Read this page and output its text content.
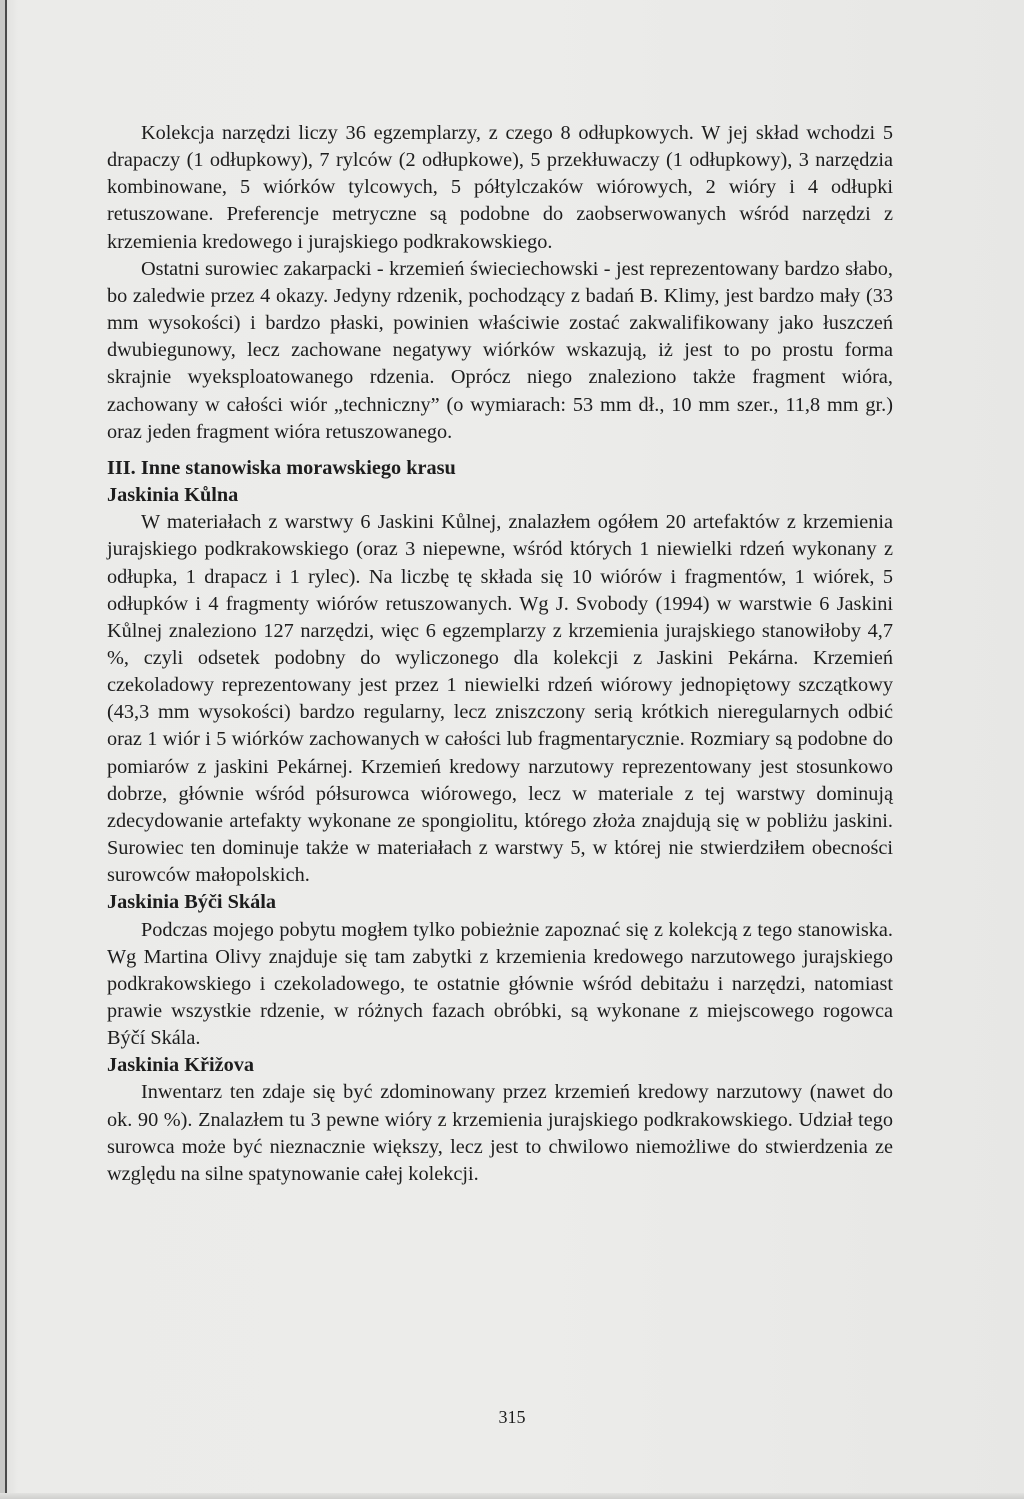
Kolekcja narzędzi liczy 36 egzemplarzy, z czego 8 odłupkowych. W jej skład wchodzi 5 drapaczy (1 odłupkowy), 7 rylców (2 odłupkowe), 5 przekłuwaczy (1 odłupkowy), 3 narzędzia kombinowane, 5 wiórków tylcowych, 5 półtylczaków wiórowych, 2 wióry i 4 odłupki retuszowane. Preferencje metryczne są podobne do zaobserwowanych wśród narzędzi z krzemienia kredowego i jurajskiego podkrakowskiego.

Ostatni surowiec zakarpacki - krzemień świeciechowski - jest reprezentowany bardzo słabo, bo zaledwie przez 4 okazy. Jedyny rdzenik, pochodzący z badań B. Klimy, jest bardzo mały (33 mm wysokości) i bardzo płaski, powinien właściwie zostać zakwalifikowany jako łuszczeń dwubiegunowy, lecz zachowane negatywy wiórków wskazują, iż jest to po prostu forma skrajnie wyeksploatowanego rdzenia. Oprócz niego znaleziono także fragment wióra, zachowany w całości wiór „techniczny” (o wymiarach: 53 mm dł., 10 mm szer., 11,8 mm gr.) oraz jeden fragment wióra retuszowanego.

III. Inne stanowiska morawskiego krasu
Jaskinia Kůlna

W materiałach z warstwy 6 Jaskini Kůlnej, znalazłem ogółem 20 artefaktów z krzemienia jurajskiego podkrakowskiego (oraz 3 niepewne, wśród których 1 niewielki rdzeń wykonany z odłupka, 1 drapacz i 1 rylec). Na liczbę tę składa się 10 wiórów i fragmentów, 1 wiórek, 5 odłupków i 4 fragmenty wiórów retuszowanych. Wg J. Svobody (1994) w warstwie 6 Jaskini Kůlnej znaleziono 127 narzędzi, więc 6 egzemplarzy z krzemienia jurajskiego stanowiłoby 4,7 %, czyli odsetek podobny do wyliczonego dla kolekcji z Jaskini Pekárna. Krzemień czekoladowy reprezentowany jest przez 1 niewielki rdzeń wiórowy jednopiętowy szczątkowy (43,3 mm wysokości) bardzo regularny, lecz zniszczony serią krótkich nieregularnych odbić oraz 1 wiór i 5 wiórków zachowanych w całości lub fragmentarycznie. Rozmiary są podobne do pomiarów z jaskini Pekárnej. Krzemień kredowy narzutowy reprezentowany jest stosunkowo dobrze, głównie wśród półsurowca wiórowego, lecz w materiale z tej warstwy dominują zdecydowanie artefakty wykonane ze spongiolitu, którego złoża znajdują się w pobliżu jaskini. Surowiec ten dominuje także w materiałach z warstwy 5, w której nie stwierdziłem obecności surowców małopolskich.

Jaskinia Býči Skála

Podczas mojego pobytu mogłem tylko pobieżnie zapoznać się z kolekcją z tego stanowiska. Wg Martina Olivy znajduje się tam zabytki z krzemienia kredowego narzutowego jurajskiego podkrakowskiego i czekoladowego, te ostatnie głównie wśród debitażu i narzędzi, natomiast prawie wszystkie rdzenie, w różnych fazach obróbki, są wykonane z miejscowego rogowca Býčí Skála.

Jaskinia Křižova

Inwentarz ten zdaje się być zdominowany przez krzemień kredowy narzutowy (nawet do ok. 90 %). Znalazłem tu 3 pewne wióry z krzemienia jurajskiego podkrakowskiego. Udział tego surowca może być nieznacznie większy, lecz jest to chwilowo niemożliwe do stwierdzenia ze względu na silne spatynowanie całej kolekcji.

315
